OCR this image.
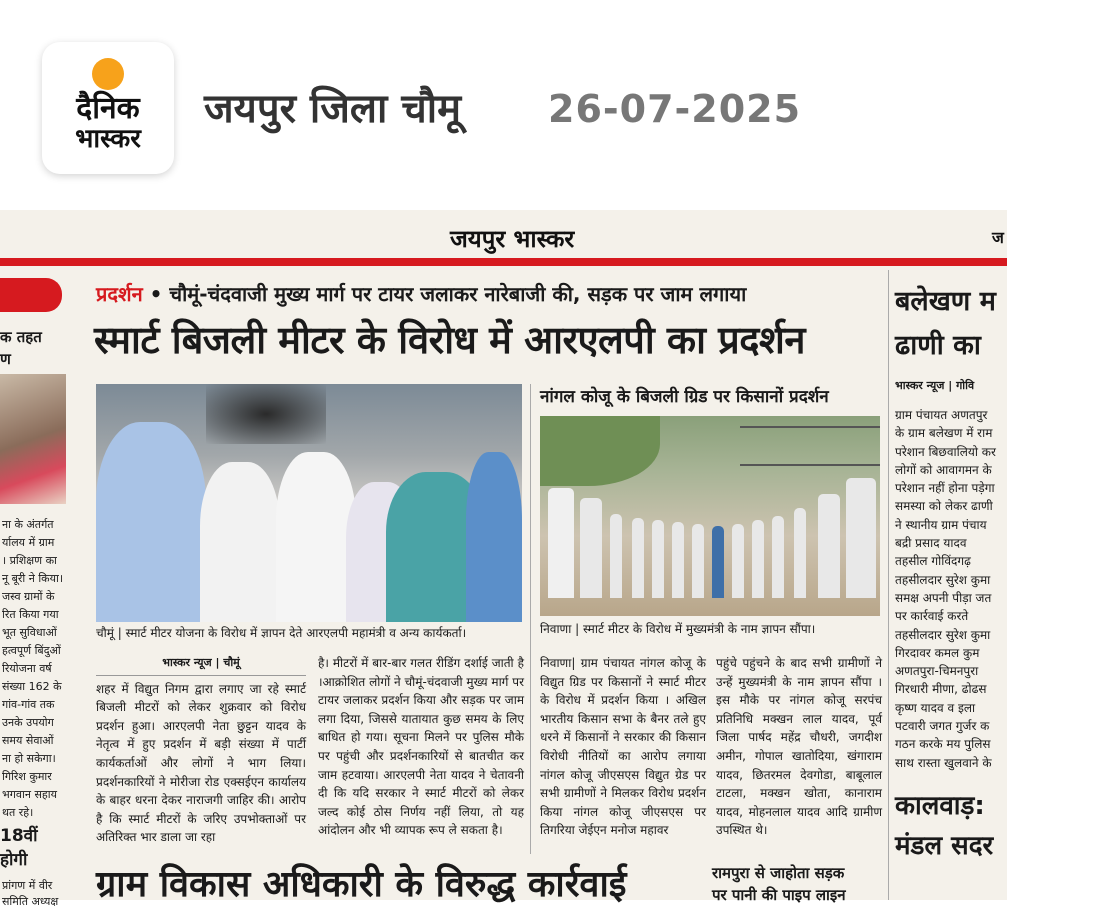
दैनिक
भास्कर
जयपुर जिला चौमू 26-07-2025
जयपुर भास्कर	ज
क तहत
ण
ना के अंतर्गत
र्यालय में ग्राम
। प्रशिक्षण का
नू बूरी ने किया।
जस्व ग्रामों के
रित किया गया
भूत सुविधाओं
हत्वपूर्ण बिंदुओं
रियोजना वर्ष
संख्या 162 के
गांव-गांव तक
उनके उपयोग
समय सेवाओं
ना हो सकेगा।
गिरिश कुमार
भगवान सहाय
थत रहे।
18वीं
होगी
प्रांगण में वीर
समिति अध्यक्ष
प्रदर्शन • चौमूं-चंदवाजी मुख्य मार्ग पर टायर जलाकर नारेबाजी की, सड़क पर जाम लगाया
स्मार्ट बिजली मीटर के विरोध में आरएलपी का प्रदर्शन
चौमूं | स्मार्ट मीटर योजना के विरोध में ज्ञापन देते आरएलपी महामंत्री व अन्य कार्यकर्ता।
भास्कर न्यूज | चौमूं
शहर में विद्युत निगम द्वारा लगाए जा रहे स्मार्ट बिजली मीटरों को लेकर शुक्रवार को विरोध प्रदर्शन हुआ। आरएलपी नेता छुट्टन यादव के नेतृत्व में हुए प्रदर्शन में बड़ी संख्या में पार्टी कार्यकर्ताओं और लोगों ने भाग लिया। प्रदर्शनकारियों ने मोरीजा रोड एक्सईएन कार्यालय के बाहर धरना देकर नाराजगी जाहिर की। आरोप है कि स्मार्ट मीटरों के जरिए उपभोक्ताओं पर अतिरिक्त भार डाला जा रहा
है। मीटरों में बार-बार गलत रीडिंग दर्शाई जाती है ।आक्रोशित लोगों ने चौमूं-चंदवाजी मुख्य मार्ग पर टायर जलाकर प्रदर्शन किया और सड़क पर जाम लगा दिया, जिससे यातायात कुछ समय के लिए बाधित हो गया। सूचना मिलने पर पुलिस मौके पर पहुंची और प्रदर्शनकारियों से बातचीत कर जाम हटवाया। आरएलपी नेता यादव ने चेतावनी दी कि यदि सरकार ने स्मार्ट मीटरों को लेकर जल्द कोई ठोस निर्णय नहीं लिया, तो यह आंदोलन और भी व्यापक रूप ले सकता है।
नांगल कोजू के बिजली ग्रिड पर किसानों प्रदर्शन
निवाणा | स्मार्ट मीटर के विरोध में मुख्यमंत्री के नाम ज्ञापन सौंपा।
निवाणा| ग्राम पंचायत नांगल कोजू के विद्युत ग्रिड पर किसानों ने स्मार्ट मीटर के विरोध में प्रदर्शन किया । अखिल भारतीय किसान सभा के बैनर तले हुए धरने में किसानों ने सरकार की किसान विरोधी नीतियों का आरोप लगाया नांगल कोजू जीएसएस विद्युत ग्रेड पर सभी ग्रामीणों ने मिलकर विरोध प्रदर्शन किया नांगल कोजू जीएसएस पर तिगरिया जेईएन मनोज महावर
पहुंचे पहुंचने के बाद सभी ग्रामीणों ने उन्हें मुख्यमंत्री के नाम ज्ञापन सौंपा । इस मौके पर नांगल कोजू सरपंच प्रतिनिधि मक्खन लाल यादव, पूर्व जिला पार्षद महेंद्र चौधरी, जगदीश अमीन, गोपाल खातोदिया, खंगाराम यादव, छितरमल देवगोडा, बाबूलाल टाटला, मक्खन खोता, कानाराम यादव, मोहनलाल यादव आदि ग्रामीण उपस्थित थे।
ग्राम विकास अधिकारी के विरुद्ध कार्रवाई	रामपुरा से जाहोता सड़क
पर पानी की पाइप लाइन
बलेखण म
ढाणी का
भास्कर न्यूज | गोवि
ग्राम पंचायत अणतपुर
के ग्राम बलेखण में राम
परेशान बिछवालियो कर
लोगों को आवागमन के
परेशान नहीं होना पड़ेगा
समस्या को लेकर ढाणी
ने स्थानीय ग्राम पंचाय
बद्री प्रसाद यादव
तहसील गोविंदगढ़
तहसीलदार सुरेश कुमा
समक्ष अपनी पीड़ा जत
पर कार्रवाई करते
तहसीलदार सुरेश कुमा
गिरदावर कमल कुम
अणतपुरा-चिमनपुरा
गिरधारी मीणा, ढोढस
कृष्ण यादव व इला
पटवारी जगत गुर्जर क
गठन करके मय पुलिस
साथ रास्ता खुलवाने के
कालवाड़:
मंडल सदर
